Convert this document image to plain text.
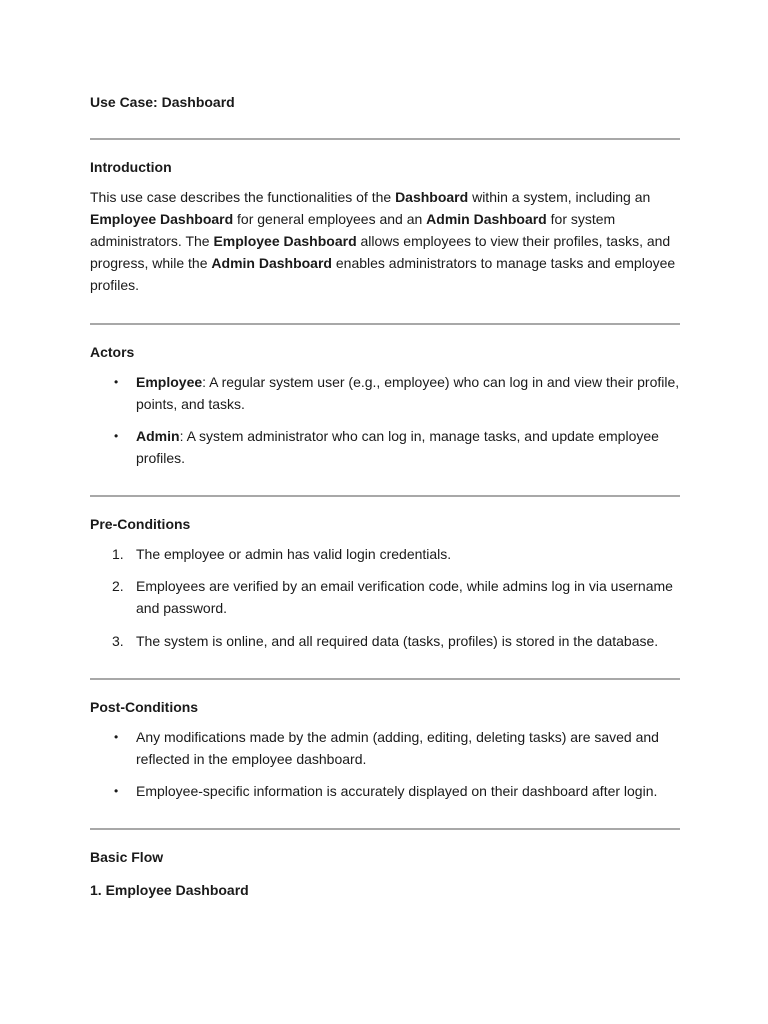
Use Case: Dashboard
Introduction

This use case describes the functionalities of the Dashboard within a system, including an Employee Dashboard for general employees and an Admin Dashboard for system administrators. The Employee Dashboard allows employees to view their profiles, tasks, and progress, while the Admin Dashboard enables administrators to manage tasks and employee profiles.

Actors
• Employee: A regular system user (e.g., employee) who can log in and view their profile, points, and tasks.
• Admin: A system administrator who can log in, manage tasks, and update employee profiles.
Pre-Conditions
1. The employee or admin has valid login credentials.
2. Employees are verified by an email verification code, while admins log in via username and password.
3. The system is online, and all required data (tasks, profiles) is stored in the database.
Post-Conditions
• Any modifications made by the admin (adding, editing, deleting tasks) are saved and reflected in the employee dashboard.
• Employee-specific information is accurately displayed on their dashboard after login.
Basic Flow
1. Employee Dashboard
